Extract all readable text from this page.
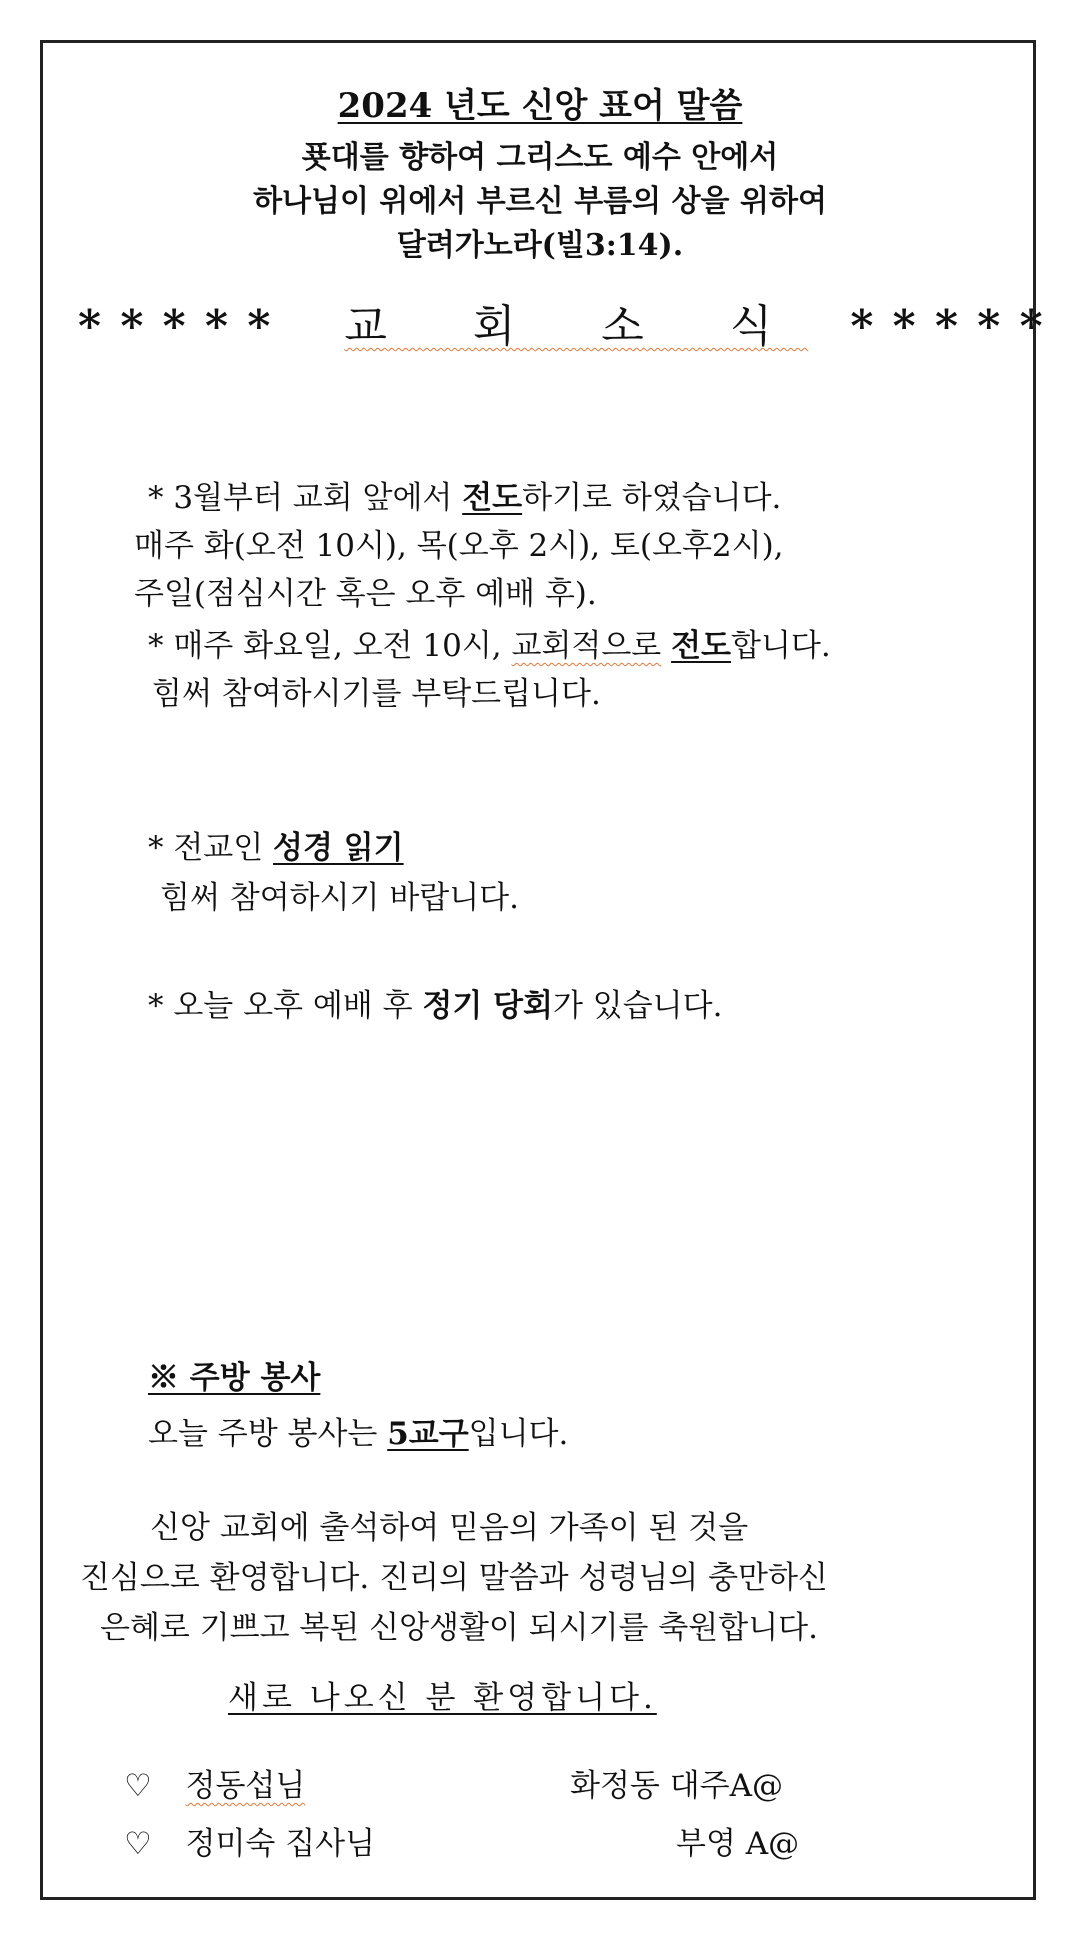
2024 년도 신앙 표어 말씀
푯대를 향하여 그리스도 예수 안에서
하나님이 위에서 부르신 부름의 상을 위하여
달려가노라(빌3:14).
* * * * * 교 회 소 식 * * * * *
* 3월부터 교회 앞에서 전도하기로 하였습니다.
매주 화(오전 10시), 목(오후 2시), 토(오후2시),
주일(점심시간 혹은 오후 예배 후).
* 매주 화요일, 오전 10시, 교회적으로 전도합니다.
힘써 참여하시기를 부탁드립니다.
* 전교인 성경 읽기
힘써 참여하시기 바랍니다.
* 오늘 오후 예배 후 정기 당회가 있습니다.
※ 주방 봉사
오늘 주방 봉사는 5교구입니다.
신앙 교회에 출석하여 믿음의 가족이 된 것을
진심으로 환영합니다. 진리의 말씀과 성령님의 충만하신
은혜로 기쁘고 복된 신앙생활이 되시기를 축원합니다.
새로 나오신 분 환영합니다.
♡ 정동섭님	화정동 대주A@
♡ 정미숙 집사님	부영 A@
